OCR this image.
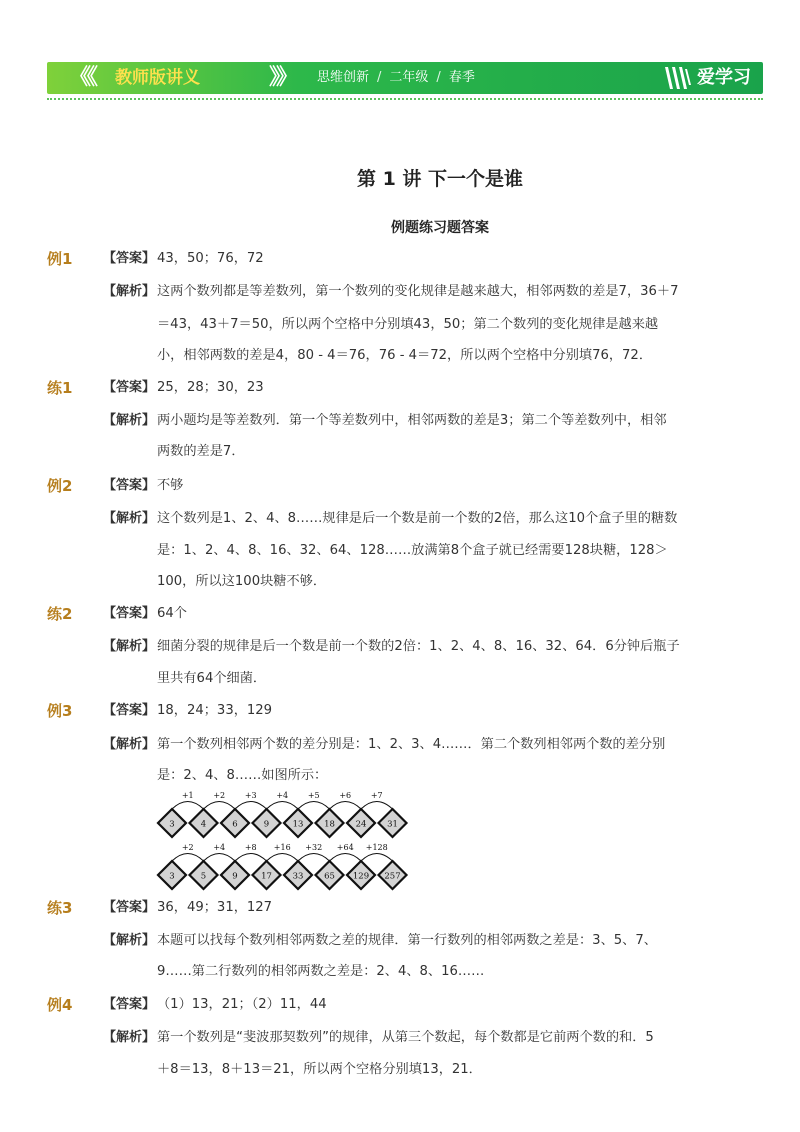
《《 教师版讲义	》》 思维创新 / 二年级 / 春季	爱学习
第 1 讲 下一个是谁
例题练习题答案
例1 【答案】 43，50；76，72
【解析】 这两个数列都是等差数列，第一个数列的变化规律是越来越大，相邻两数的差是7，36＋7
＝43，43＋7＝50，所以两个空格中分别填43，50；第二个数列的变化规律是越来越
小，相邻两数的差是4，80 - 4＝76，76 - 4＝72，所以两个空格中分别填76，72．
练1 【答案】 25，28；30，23
【解析】 两小题均是等差数列．第一个等差数列中，相邻两数的差是3；第二个等差数列中，相邻
两数的差是7．
例2 【答案】 不够
【解析】 这个数列是1、2、4、8……规律是后一个数是前一个数的2倍，那么这10个盒子里的糖数
是：1、2、4、8、16、32、64、128……放满第8个盒子就已经需要128块糖，128＞
100，所以这100块糖不够．
练2 【答案】 64个
【解析】 细菌分裂的规律是后一个数是前一个数的2倍：1、2、4、8、16、32、64．6分钟后瓶子
里共有64个细菌．
例3 【答案】 18，24；33，129
【解析】 第一个数列相邻两个数的差分别是：1、2、3、4……．第二个数列相邻两个数的差分别
是：2、4、8……如图所示：
3	4	6	9	13 18 24 31
+1 +2 +3 +4 +5 +6 +7
3	5	9	17 33 65 129 257
+2 +4 +8 +16 +32 +64 +128
练3 【答案】 36，49；31，127
【解析】 本题可以找每个数列相邻两数之差的规律．第一行数列的相邻两数之差是：3、5、7、
9……第二行数列的相邻两数之差是：2、4、8、16……
例4 【答案】 （1）13，21；（2）11，44
【解析】 第一个数列是“斐波那契数列”的规律，从第三个数起，每个数都是它前两个数的和．5
＋8＝13，8＋13＝21，所以两个空格分别填13，21．
